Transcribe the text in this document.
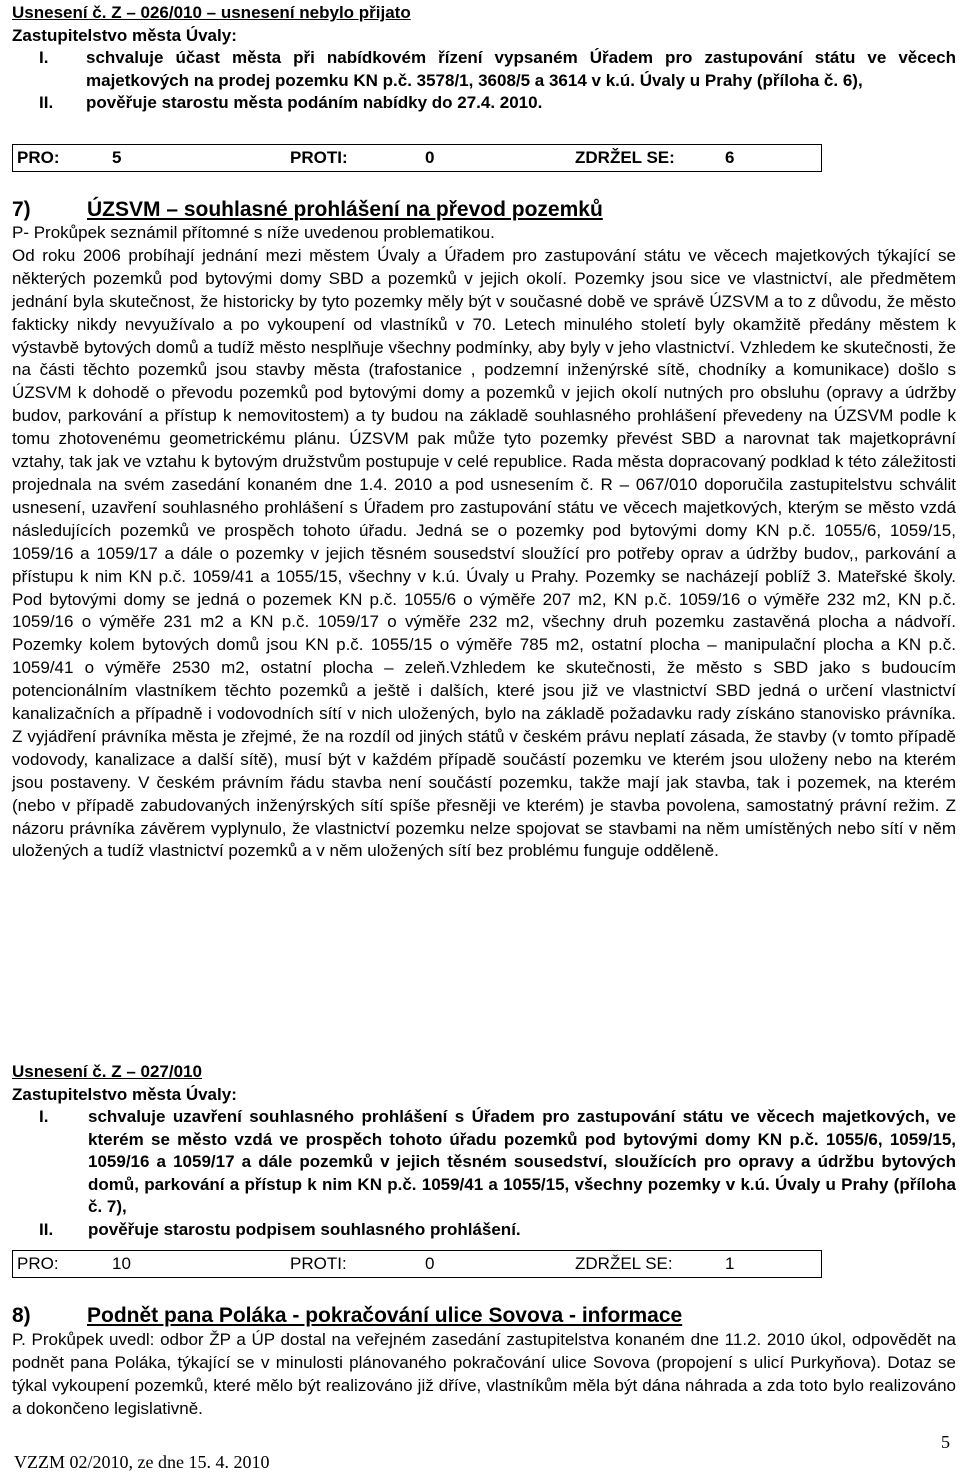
Usnesení č. Z – 026/010 – usnesení nebylo přijato
Zastupitelstvo města Úvaly:
I.	schvaluje účast města při nabídkovém řízení vypsaném Úřadem pro zastupování státu ve věcech majetkových na prodej pozemku KN p.č. 3578/1, 3608/5 a 3614 v k.ú. Úvaly u Prahy (příloha č. 6),
II.	pověřuje starostu města podáním nabídky do 27.4. 2010.
PRO:	5	PROTI:	0	ZDRŽEL SE:	6
7)	ÚZSVM – souhlasné prohlášení na převod pozemků
P- Prokůpek seznámil přítomné s níže uvedenou problematikou.
Od roku 2006 probíhají jednání mezi městem Úvaly a Úřadem pro zastupování státu ve věcech majetkových týkající se některých pozemků pod bytovými domy SBD a pozemků v jejich okolí. Pozemky jsou sice ve vlastnictví, ale předmětem jednání byla skutečnost, že historicky by tyto pozemky měly být v současné době ve správě ÚZSVM a to z důvodu, že město fakticky nikdy nevyužívalo a po vykoupení od vlastníků v 70. Letech minulého století byly okamžitě předány městem k výstavbě bytových domů a tudíž město nesplňuje všechny podmínky, aby byly v jeho vlastnictví. Vzhledem ke skutečnosti, že na části těchto pozemků jsou stavby města (trafostanice , podzemní inženýrské sítě, chodníky a komunikace) došlo s ÚZSVM k dohodě o převodu pozemků pod bytovými domy a pozemků v jejich okolí nutných pro obsluhu (opravy a údržby budov, parkování a přístup k nemovitostem) a ty budou na základě souhlasného prohlášení převedeny na ÚZSVM podle k tomu zhotovenému geometrickému plánu. ÚZSVM pak může tyto pozemky převést SBD a narovnat tak majetkoprávní vztahy, tak jak ve vztahu k bytovým družstvům postupuje v celé republice. Rada města dopracovaný podklad k této záležitosti projednala na svém zasedání konaném dne 1.4. 2010 a pod usnesením č. R – 067/010 doporučila zastupitelstvu schválit usnesení, uzavření souhlasného prohlášení s Úřadem pro zastupování státu ve věcech majetkových, kterým se město vzdá následujících pozemků ve prospěch tohoto úřadu. Jedná se o pozemky pod bytovými domy KN p.č. 1055/6, 1059/15, 1059/16 a 1059/17 a dále o pozemky v jejich těsném sousedství sloužící pro potřeby oprav a údržby budov,, parkování a přístupu k nim KN p.č. 1059/41 a 1055/15, všechny v k.ú. Úvaly u Prahy. Pozemky se nacházejí poblíž 3. Mateřské školy. Pod bytovými domy se jedná o pozemek KN p.č. 1055/6 o výměře 207 m2, KN p.č. 1059/16 o výměře 232 m2, KN p.č. 1059/16 o výměře 231 m2 a KN p.č. 1059/17 o výměře 232 m2, všechny druh pozemku zastavěná plocha a nádvoří. Pozemky kolem bytových domů jsou KN p.č. 1055/15 o výměře 785 m2, ostatní plocha – manipulační plocha a KN p.č. 1059/41 o výměře 2530 m2, ostatní plocha – zeleň.Vzhledem ke skutečnosti, že město s SBD jako s budoucím potencionálním vlastníkem těchto pozemků a ještě i dalších, které jsou již ve vlastnictví SBD jedná o určení vlastnictví kanalizačních a případně i vodovodních sítí v nich uložených, bylo na základě požadavku rady získáno stanovisko právníka. Z vyjádření právníka města je zřejmé, že na rozdíl od jiných států v českém právu neplatí zásada, že stavby (v tomto případě vodovody, kanalizace a další sítě), musí být v každém případě součástí pozemku ve kterém jsou uloženy nebo na kterém jsou postaveny. V českém právním řádu stavba není součástí pozemku, takže mají jak stavba, tak i pozemek, na kterém (nebo v případě zabudovaných inženýrských sítí spíše přesněji ve kterém) je stavba povolena, samostatný právní režim. Z názoru právníka závěrem vyplynulo, že vlastnictví pozemku nelze spojovat se stavbami na něm umístěných nebo sítí v něm uložených a tudíž vlastnictví pozemků a v něm uložených sítí bez problému funguje odděleně.
Usnesení č. Z – 027/010
Zastupitelstvo města Úvaly:
I.	schvaluje uzavření souhlasného prohlášení s Úřadem pro zastupování státu ve věcech majetkových, ve kterém se město vzdá ve prospěch tohoto úřadu pozemků pod bytovými domy KN p.č. 1055/6, 1059/15, 1059/16 a 1059/17 a dále pozemků v jejich těsném sousedství, sloužících pro opravy a údržbu bytových domů, parkování a přístup k nim KN p.č. 1059/41 a 1055/15, všechny pozemky v k.ú. Úvaly u Prahy (příloha č. 7),
II.	pověřuje starostu podpisem souhlasného prohlášení.
PRO:	10	PROTI:	0	ZDRŽEL SE:	1
8)	Podnět pana Poláka - pokračování ulice Sovova - informace
P. Prokůpek uvedl: odbor ŽP a ÚP dostal na veřejném zasedání zastupitelstva konaném dne 11.2. 2010 úkol, odpovědět na podnět pana Poláka, týkající se v minulosti plánovaného pokračování ulice Sovova (propojení s ulicí Purkyňova). Dotaz se týkal vykoupení pozemků, které mělo být realizováno již dříve, vlastníkům měla být dána náhrada a zda toto bylo realizováno a dokončeno legislativně.
5
VZZM 02/2010, ze dne 15. 4. 2010
